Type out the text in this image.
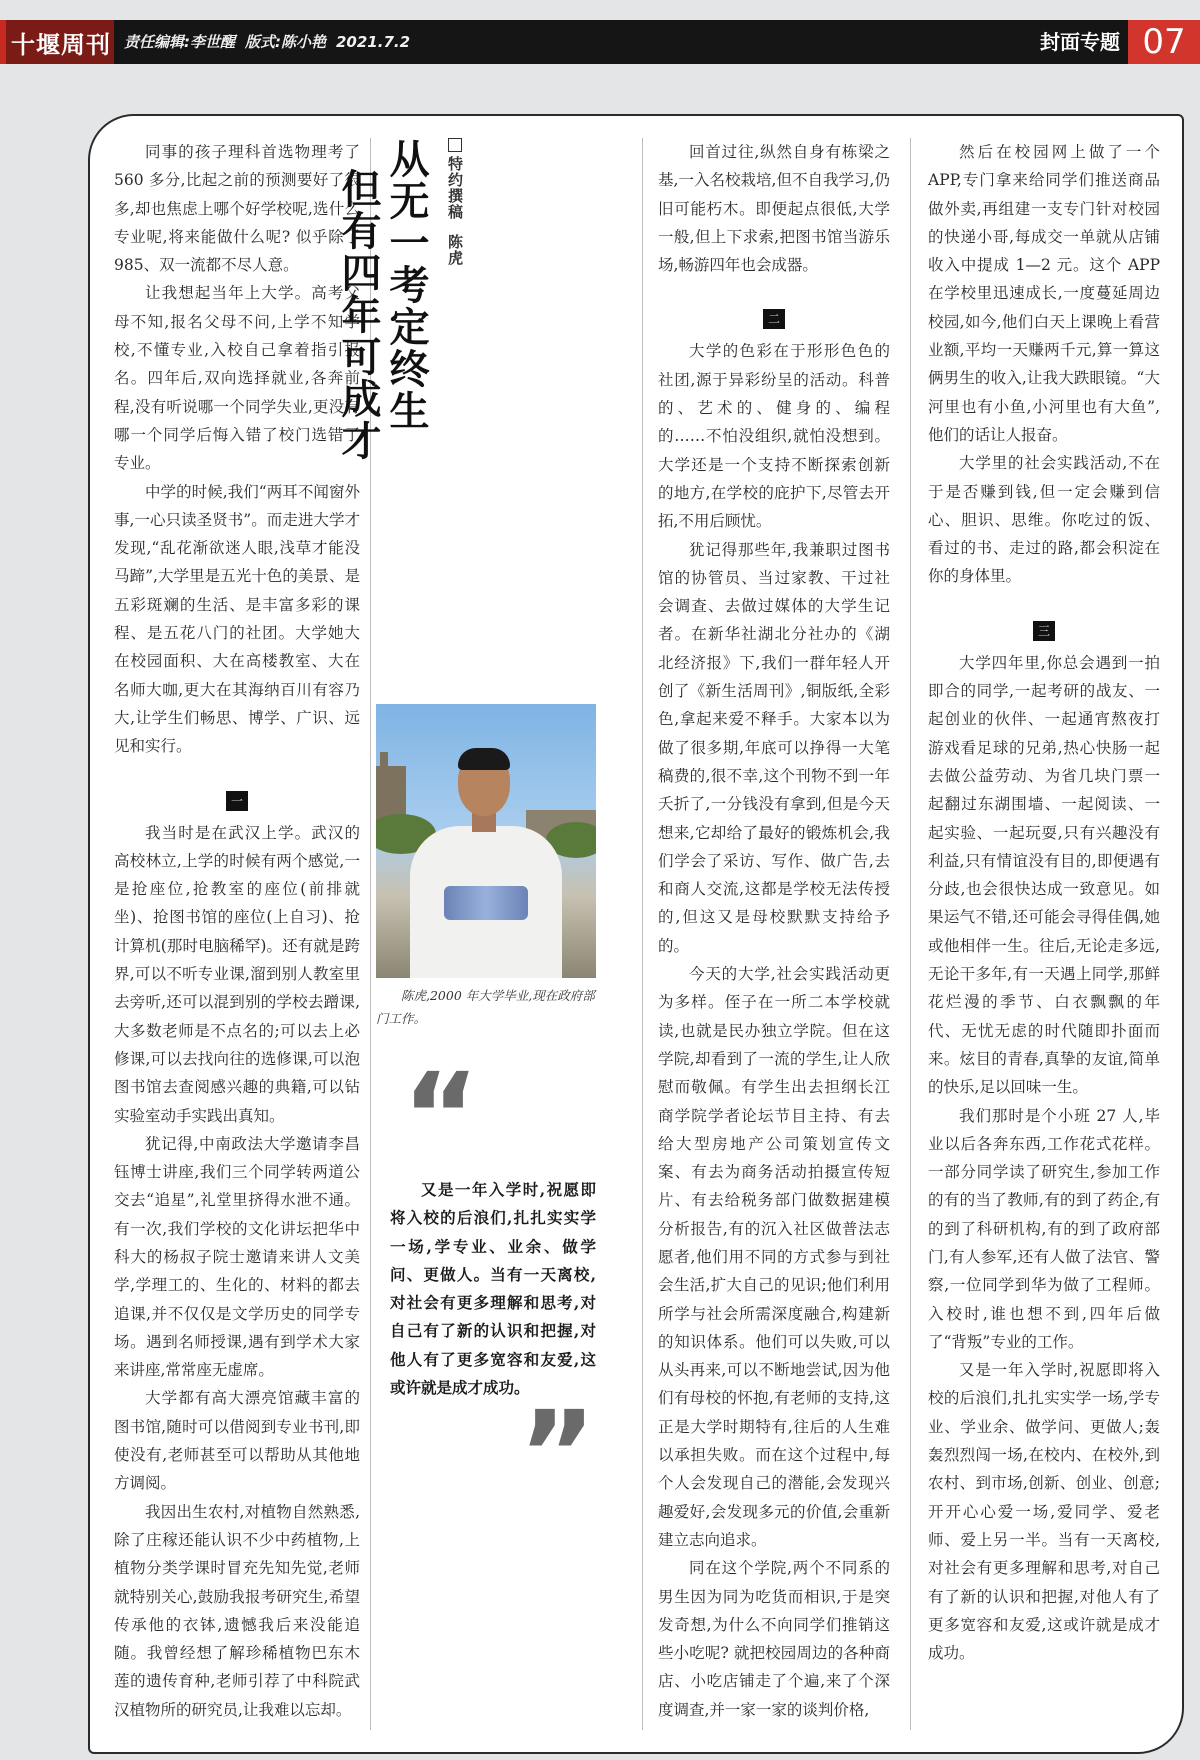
十堰周刊 责任编辑:李世醒 版式:陈小艳 2021.7.2	封面专题 07

同事的孩子理科首选物理考了 560 多分,比起之前的预测要好了很多,却也焦虑上哪个好学校呢,选什么专业呢,将来能做什么呢? 似乎除了 985、双一流都不尽人意。

让我想起当年上大学。高考父母不知,报名父母不问,上学不知学校,不懂专业,入校自己拿着指引报名。四年后,双向选择就业,各奔前程,没有听说哪一个同学失业,更没有哪一个同学后悔入错了校门选错了专业。

中学的时候,我们“两耳不闻窗外事,一心只读圣贤书”。而走进大学才发现,“乱花渐欲迷人眼,浅草才能没马蹄”,大学里是五光十色的美景、是五彩斑斓的生活、是丰富多彩的课程、是五花八门的社团。大学她大在校园面积、大在高楼教室、大在名师大咖,更大在其海纳百川有容乃大,让学生们畅思、博学、广识、远见和实行。

一

我当时是在武汉上学。武汉的高校林立,上学的时候有两个感觉,一是抢座位,抢教室的座位(前排就坐)、抢图书馆的座位(上自习)、抢计算机(那时电脑稀罕)。还有就是跨界,可以不听专业课,溜到别人教室里去旁听,还可以混到别的学校去蹭课,大多数老师是不点名的;可以去上必修课,可以去找向往的选修课,可以泡图书馆去查阅感兴趣的典籍,可以钻实验室动手实践出真知。

犹记得,中南政法大学邀请李昌钰博士讲座,我们三个同学转两道公交去“追星”,礼堂里挤得水泄不通。有一次,我们学校的文化讲坛把华中科大的杨叔子院士邀请来讲人文美学,学理工的、生化的、材料的都去追课,并不仅仅是文学历史的同学专场。遇到名师授课,遇有到学术大家来讲座,常常座无虚席。

大学都有高大漂亮馆藏丰富的图书馆,随时可以借阅到专业书刊,即使没有,老师甚至可以帮助从其他地方调阅。

我因出生农村,对植物自然熟悉,除了庄稼还能认识不少中药植物,上植物分类学课时冒充先知先觉,老师就特别关心,鼓励我报考研究生,希望传承他的衣钵,遗憾我后来没能追随。我曾经想了解珍稀植物巴东木莲的遗传育种,老师引荐了中科院武汉植物所的研究员,让我难以忘却。

从无一考定终生
但有四年可成才	特约撰稿陈虎
陈虎,2000 年大学毕业,现在政府部门工作。
“

又是一年入学时,祝愿即将入校的后浪们,扎扎实实学一场,学专业、业余、做学问、更做人。当有一天离校,对社会有更多理解和思考,对自己有了新的认识和把握,对他人有了更多宽容和友爱,这或许就是成才成功。

”

回首过往,纵然自身有栋梁之基,一入名校栽培,但不自我学习,仍旧可能朽木。即便起点很低,大学一般,但上下求索,把图书馆当游乐场,畅游四年也会成器。

二

大学的色彩在于形形色色的社团,源于异彩纷呈的活动。科普的、艺术的、健身的、编程的……不怕没组织,就怕没想到。大学还是一个支持不断探索创新的地方,在学校的庇护下,尽管去开拓,不用后顾忧。

犹记得那些年,我兼职过图书馆的协管员、当过家教、干过社会调查、去做过媒体的大学生记者。在新华社湖北分社办的《湖北经济报》下,我们一群年轻人开创了《新生活周刊》,铜版纸,全彩色,拿起来爱不释手。大家本以为做了很多期,年底可以挣得一大笔稿费的,很不幸,这个刊物不到一年夭折了,一分钱没有拿到,但是今天想来,它却给了最好的锻炼机会,我们学会了采访、写作、做广告,去和商人交流,这都是学校无法传授的,但这又是母校默默支持给予的。

今天的大学,社会实践活动更为多样。侄子在一所二本学校就读,也就是民办独立学院。但在这学院,却看到了一流的学生,让人欣慰而敬佩。有学生出去担纲长江商学院学者论坛节目主持、有去给大型房地产公司策划宣传文案、有去为商务活动拍摄宣传短片、有去给税务部门做数据建模分析报告,有的沉入社区做普法志愿者,他们用不同的方式参与到社会生活,扩大自己的见识;他们利用所学与社会所需深度融合,构建新的知识体系。他们可以失败,可以从头再来,可以不断地尝试,因为他们有母校的怀抱,有老师的支持,这正是大学时期特有,往后的人生难以承担失败。而在这个过程中,每个人会发现自己的潜能,会发现兴趣爱好,会发现多元的价值,会重新建立志向追求。

同在这个学院,两个不同系的男生因为同为吃货而相识,于是突发奇想,为什么不向同学们推销这些小吃呢? 就把校园周边的各种商店、小吃店铺走了个遍,来了个深度调查,并一家一家的谈判价格,

然后在校园网上做了一个 APP,专门拿来给同学们推送商品做外卖,再组建一支专门针对校园的快递小哥,每成交一单就从店铺收入中提成 1—2 元。这个 APP 在学校里迅速成长,一度蔓延周边校园,如今,他们白天上课晚上看营业额,平均一天赚两千元,算一算这俩男生的收入,让我大跌眼镜。“大河里也有小鱼,小河里也有大鱼”,他们的话让人报奋。

大学里的社会实践活动,不在于是否赚到钱,但一定会赚到信心、胆识、思维。你吃过的饭、看过的书、走过的路,都会积淀在你的身体里。

三

大学四年里,你总会遇到一拍即合的同学,一起考研的战友、一起创业的伙伴、一起通宵熬夜打游戏看足球的兄弟,热心快肠一起去做公益劳动、为省几块门票一起翻过东湖围墙、一起阅读、一起实验、一起玩耍,只有兴趣没有利益,只有情谊没有目的,即便遇有分歧,也会很快达成一致意见。如果运气不错,还可能会寻得佳偶,她或他相伴一生。往后,无论走多远,无论干多年,有一天遇上同学,那鲜花烂漫的季节、白衣飘飘的年代、无忧无虑的时代随即扑面而来。炫目的青春,真挚的友谊,简单的快乐,足以回味一生。

我们那时是个小班 27 人,毕业以后各奔东西,工作花式花样。一部分同学读了研究生,参加工作的有的当了教师,有的到了药企,有的到了科研机构,有的到了政府部门,有人参军,还有人做了法官、警察,一位同学到华为做了工程师。入校时,谁也想不到,四年后做了“背叛”专业的工作。

又是一年入学时,祝愿即将入校的后浪们,扎扎实实学一场,学专业、学业余、做学问、更做人;轰轰烈烈闯一场,在校内、在校外,到农村、到市场,创新、创业、创意;开开心心爱一场,爱同学、爱老师、爱上另一半。当有一天离校,对社会有更多理解和思考,对自己有了新的认识和把握,对他人有了更多宽容和友爱,这或许就是成才成功。
